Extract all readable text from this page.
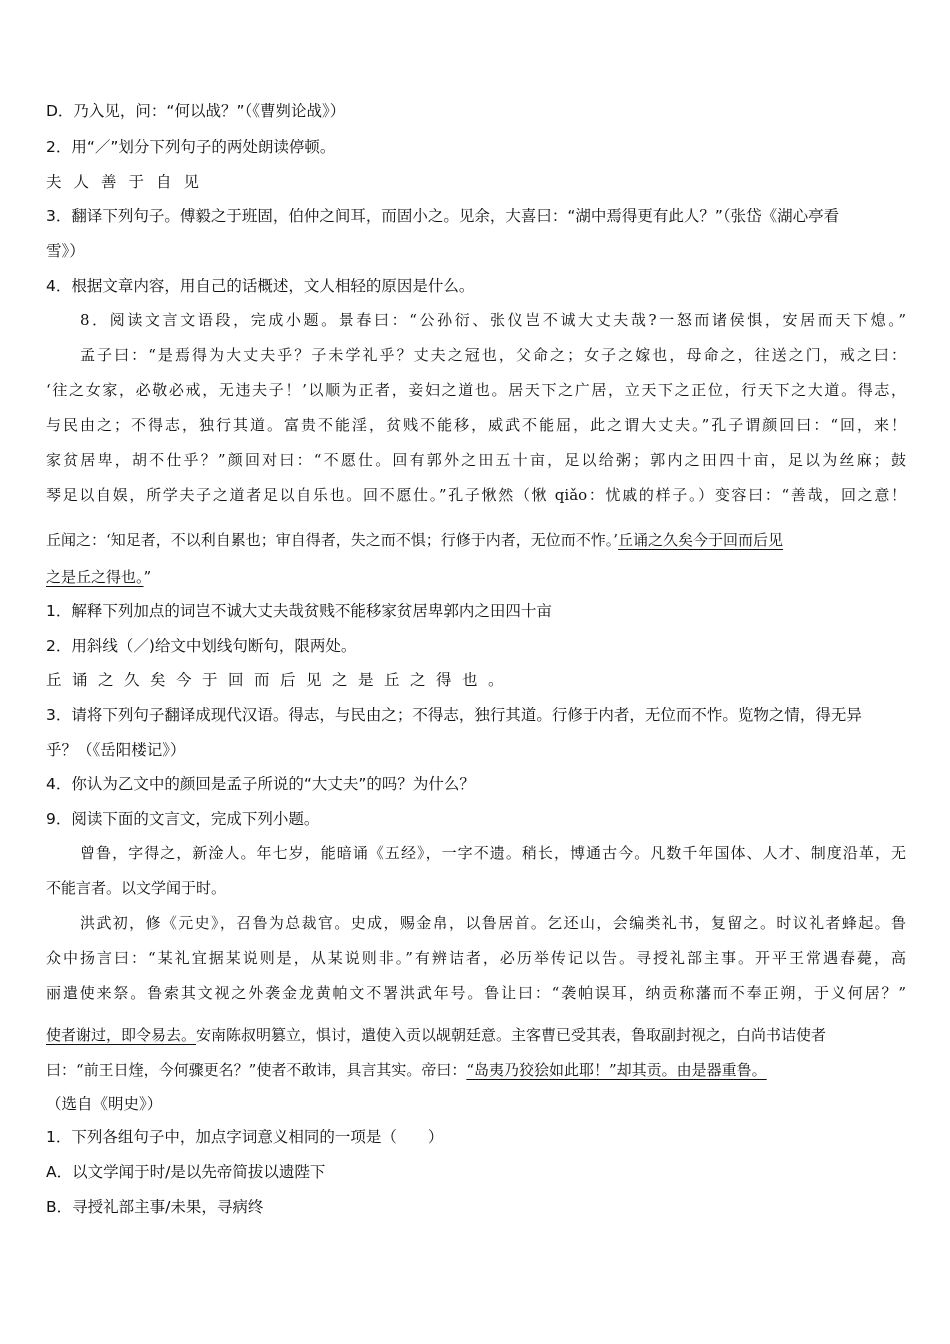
D．乃入见，问：“何以战？”（《曹刿论战》）
2．用“／”划分下列句子的两处朗读停顿。
夫人善于自见
3．翻译下列句子。傅毅之于班固，伯仲之间耳，而固小之。见余，大喜曰：“湖中焉得更有此人？”（张岱《湖心亭看
雪》）
4．根据文章内容，用自己的话概述，文人相轻的原因是什么。
8．阅读文言文语段，完成小题。景春曰：“公孙衍、张仪岂不诚大丈夫哉?一怒而诸侯惧，安居而天下熄。”
孟子曰：“是焉得为大丈夫乎？子未学礼乎？丈夫之冠也，父命之；女子之嫁也，母命之，往送之门，戒之曰：
‘往之女家，必敬必戒，无违夫子！’以顺为正者，妾妇之道也。居天下之广居，立天下之正位，行天下之大道。得志，
与民由之；不得志，独行其道。富贵不能淫，贫贱不能移，威武不能屈，此之谓大丈夫。”孔子谓颜回曰：“回，来！
家贫居卑，胡不仕乎？”颜回对曰：“不愿仕。回有郭外之田五十亩，足以给粥；郭内之田四十亩，足以为丝麻；鼓
琴足以自娱，所学夫子之道者足以自乐也。回不愿仕。”孔子愀然（愀 qiǎo：忧戚的样子。）变容曰：“善哉，回之意！
丘闻之：‘知足者，不以利自累也；审自得者，失之而不惧；行修于内者，无位而不怍。’丘诵之久矣今于回而后见
之是丘之得也。”
1．解释下列加点的词岂不诚大丈夫哉贫贱不能移家贫居卑郭内之田四十亩
2．用斜线（／)给文中划线句断句，限两处。
丘诵之久矣今于回而后见之是丘之得也。
3．请将下列句子翻译成现代汉语。得志，与民由之；不得志，独行其道。行修于内者，无位而不怍。览物之情，得无异
乎？（《岳阳楼记》）
4．你认为乙文中的颜回是孟子所说的“大丈夫”的吗？为什么？
9．阅读下面的文言文，完成下列小题。
曾鲁，字得之，新淦人。年七岁，能暗诵《五经》，一字不遗。稍长，博通古今。凡数千年国体、人才、制度沿革，无
不能言者。以文学闻于时。
洪武初，修《元史》，召鲁为总裁官。史成，赐金帛，以鲁居首。乞还山，会编类礼书，复留之。时议礼者蜂起。鲁
众中扬言曰：“某礼宜据某说则是，从某说则非。”有辨诘者，必历举传记以告。寻授礼部主事。开平王常遇春薨，高
丽遣使来祭。鲁索其文视之外袭金龙黄帕文不署洪武年号。鲁让曰：“袭帕误耳，纳贡称藩而不奉正朔，于义何居？”
使者谢过，即令易去。安南陈叔明篡立，惧讨，遣使入贡以觇朝廷意。主客曹已受其表，鲁取副封视之，白尚书诘使者
曰：“前王日煃，今何骤更名？”使者不敢讳，具言其实。帝曰：“岛夷乃狡狯如此耶！”却其贡。由是器重鲁。
（选自《明史》）
1．下列各组句子中，加点字词意义相同的一项是（　　）
A．以文学闻于时/是以先帝简拔以遗陛下
B．寻授礼部主事/未果，寻病终
